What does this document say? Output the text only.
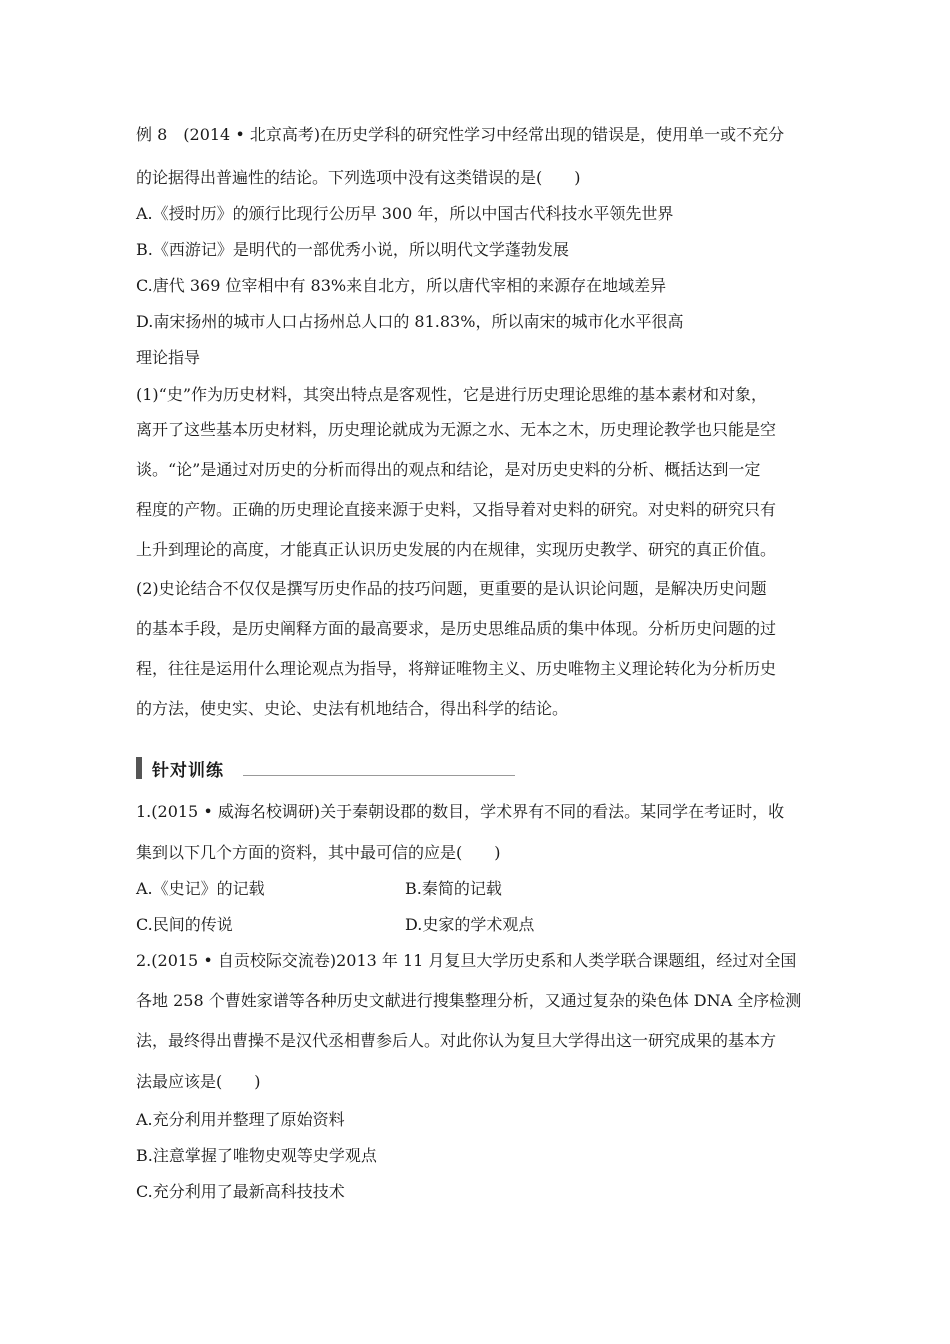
例 8　(2014 • 北京高考)在历史学科的研究性学习中经常出现的错误是，使用单一或不充分
的论据得出普遍性的结论。下列选项中没有这类错误的是(　　)
A.《授时历》的颁行比现行公历早 300 年，所以中国古代科技水平领先世界
B.《西游记》是明代的一部优秀小说，所以明代文学蓬勃发展
C.唐代 369 位宰相中有 83%来自北方，所以唐代宰相的来源存在地域差异
D.南宋扬州的城市人口占扬州总人口的 81.83%，所以南宋的城市化水平很高
理论指导
(1)“史”作为历史材料，其突出特点是客观性，它是进行历史理论思维的基本素材和对象，
离开了这些基本历史材料，历史理论就成为无源之水、无本之木，历史理论教学也只能是空
谈。“论”是通过对历史的分析而得出的观点和结论，是对历史史料的分析、概括达到一定
程度的产物。正确的历史理论直接来源于史料，又指导着对史料的研究。对史料的研究只有
上升到理论的高度，才能真正认识历史发展的内在规律，实现历史教学、研究的真正价值。
(2)史论结合不仅仅是撰写历史作品的技巧问题，更重要的是认识论问题，是解决历史问题
的基本手段，是历史阐释方面的最高要求，是历史思维品质的集中体现。分析历史问题的过
程，往往是运用什么理论观点为指导，将辩证唯物主义、历史唯物主义理论转化为分析历史
的方法，使史实、史论、史法有机地结合，得出科学的结论。
针对训练
1.(2015 • 威海名校调研)关于秦朝设郡的数目，学术界有不同的看法。某同学在考证时，收
集到以下几个方面的资料，其中最可信的应是(　　)
A.《史记》的记载	B.秦简的记载
C.民间的传说	D.史家的学术观点
2.(2015 • 自贡校际交流卷)2013 年 11 月复旦大学历史系和人类学联合课题组，经过对全国
各地 258 个曹姓家谱等各种历史文献进行搜集整理分析，又通过复杂的染色体 DNA 全序检测
法，最终得出曹操不是汉代丞相曹参后人。对此你认为复旦大学得出这一研究成果的基本方
法最应该是(　　)
A.充分利用并整理了原始资料
B.注意掌握了唯物史观等史学观点
C.充分利用了最新高科技技术
